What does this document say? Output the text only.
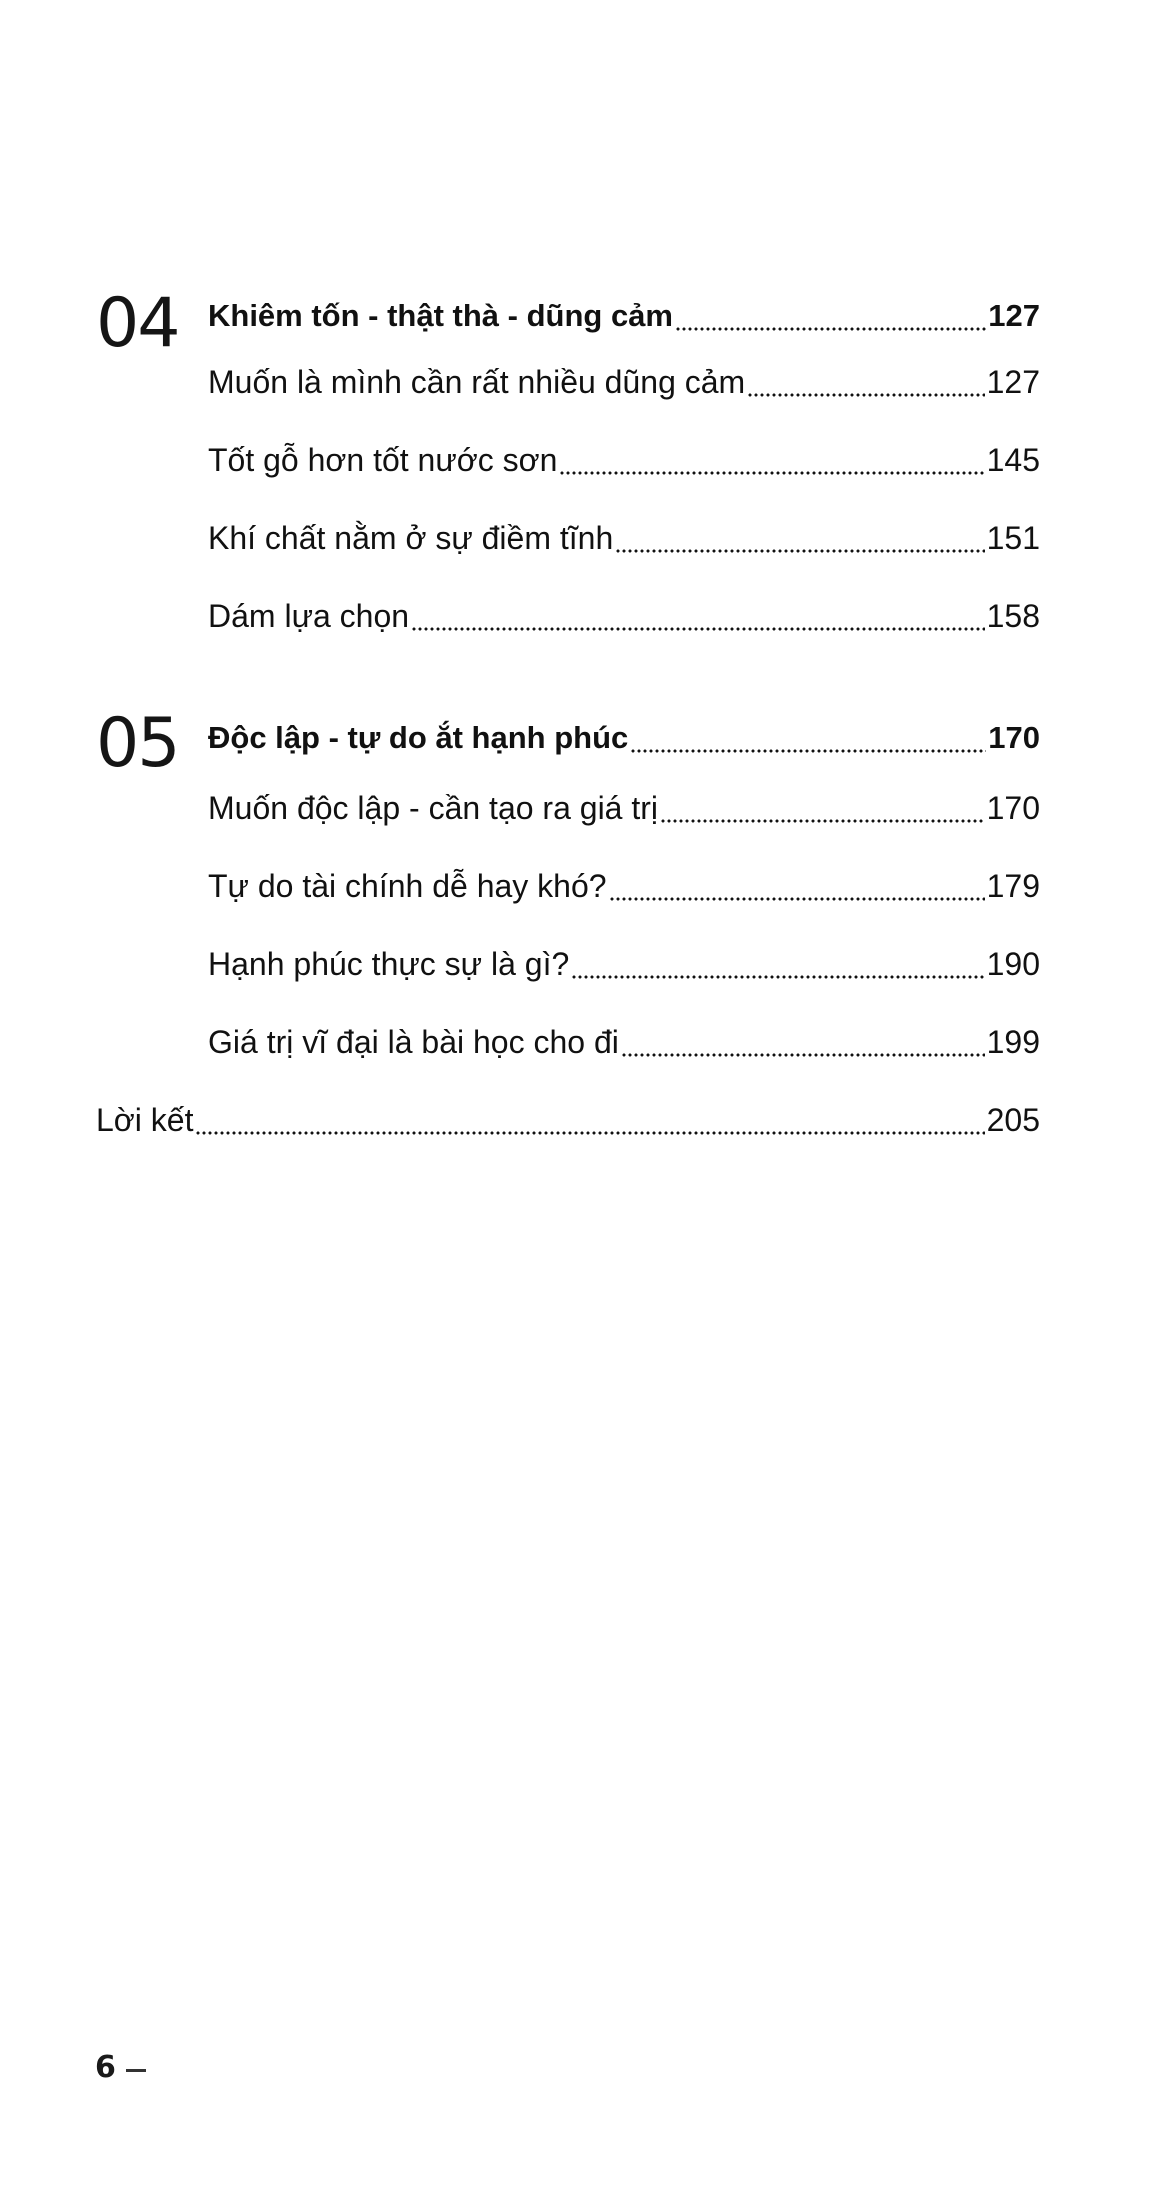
04 Khiêm tốn - thật thà - dũng cảm	127
Muốn là mình cần rất nhiều dũng cảm	127
Tốt gỗ hơn tốt nước sơn	145
Khí chất nằm ở sự điềm tĩnh	151
Dám lựa chọn	158
05 Độc lập - tự do ắt hạnh phúc	170
Muốn độc lập - cần tạo ra giá trị	170
Tự do tài chính dễ hay khó?	179
Hạnh phúc thực sự là gì?	190
Giá trị vĩ đại là bài học cho đi	199
Lời kết	205
6
